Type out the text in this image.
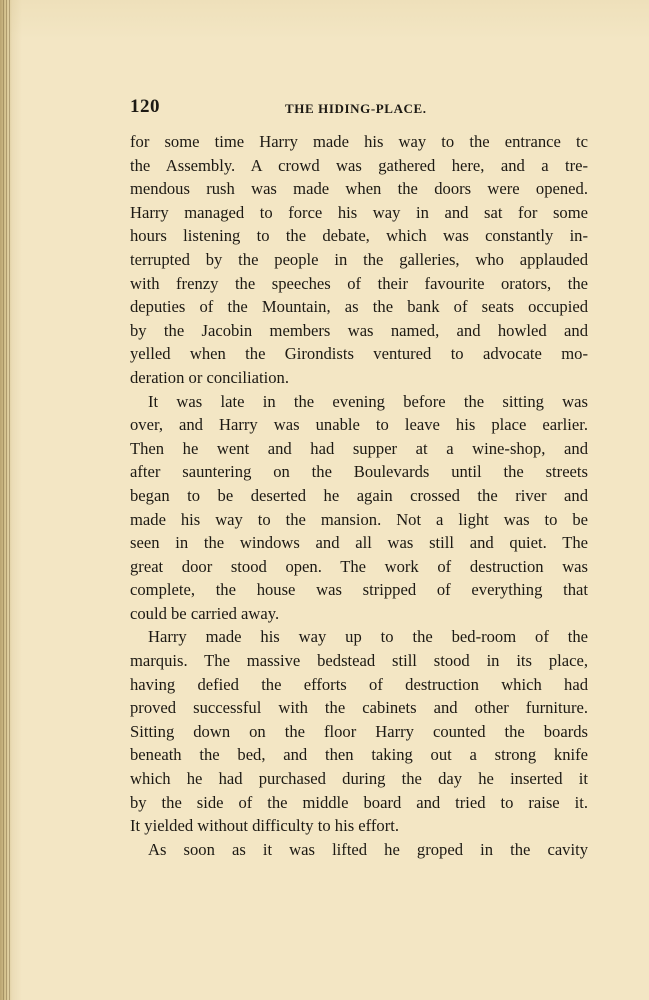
120	THE HIDING-PLACE.
for some time Harry made his way to the entrance tc
the Assembly. A crowd was gathered here, and a tre-
mendous rush was made when the doors were opened.
Harry managed to force his way in and sat for some
hours listening to the debate, which was constantly in-
terrupted by the people in the galleries, who applauded
with frenzy the speeches of their favourite orators, the
deputies of the Mountain, as the bank of seats occupied
by the Jacobin members was named, and howled and
yelled when the Girondists ventured to advocate mo-
deration or conciliation.
It was late in the evening before the sitting was
over, and Harry was unable to leave his place earlier.
Then he went and had supper at a wine-shop, and
after sauntering on the Boulevards until the streets
began to be deserted he again crossed the river and
made his way to the mansion. Not a light was to be
seen in the windows and all was still and quiet. The
great door stood open. The work of destruction was
complete, the house was stripped of everything that
could be carried away.
Harry made his way up to the bed-room of the
marquis. The massive bedstead still stood in its place,
having defied the efforts of destruction which had
proved successful with the cabinets and other furniture.
Sitting down on the floor Harry counted the boards
beneath the bed, and then taking out a strong knife
which he had purchased during the day he inserted it
by the side of the middle board and tried to raise it.
It yielded without difficulty to his effort.
As soon as it was lifted he groped in the cavity
